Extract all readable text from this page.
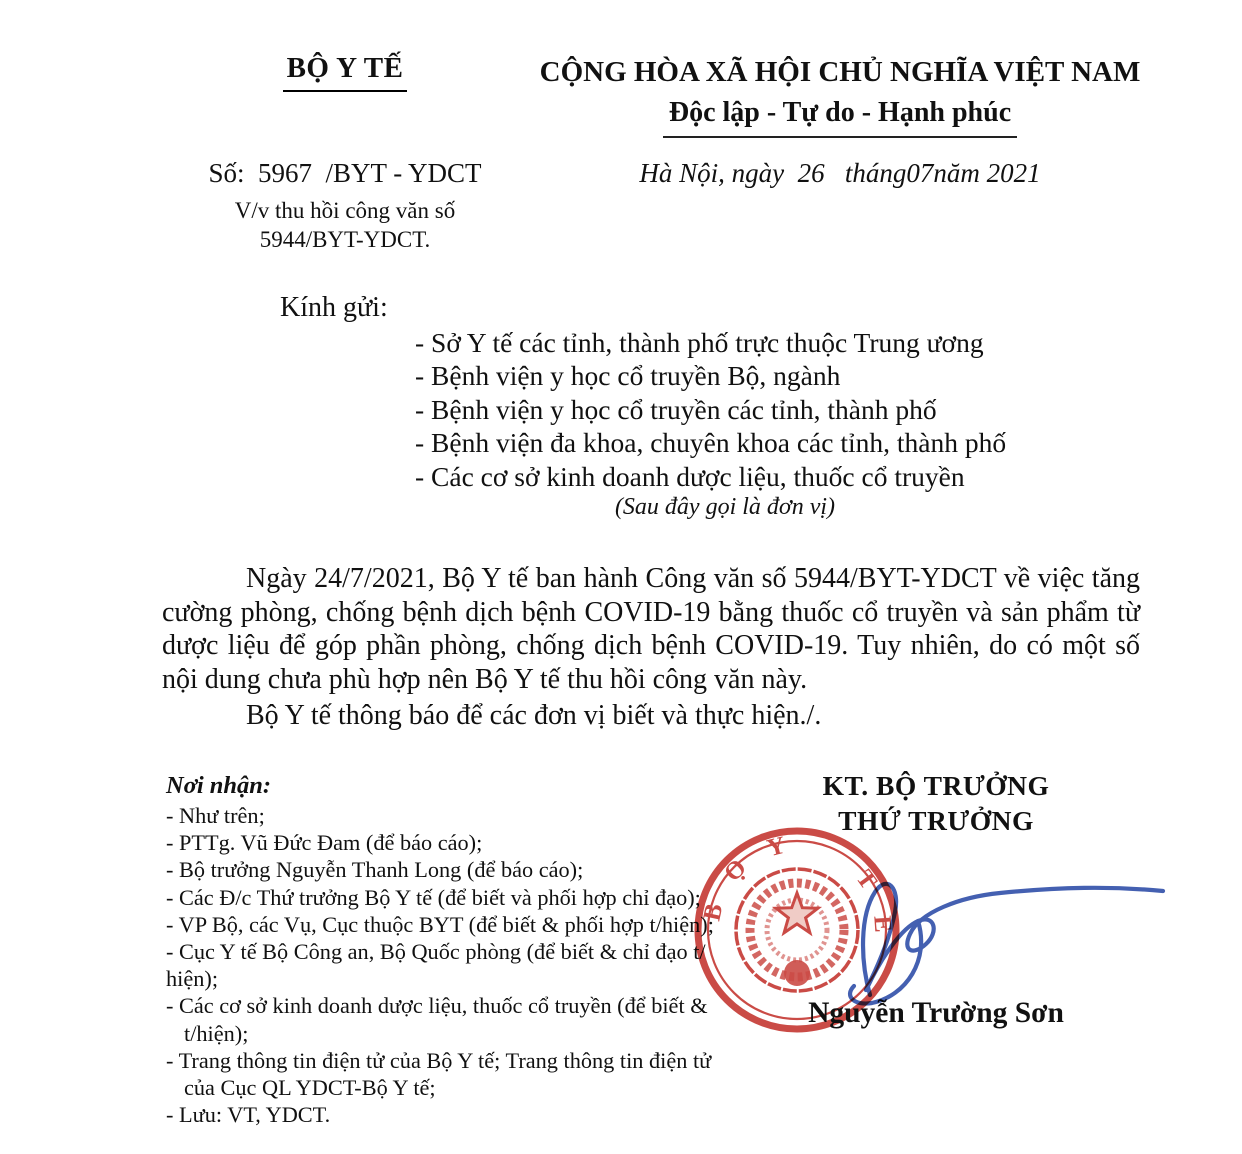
BỘ Y TẾ
Số:  5967  /BYT - YDCT
V/v thu hồi công văn số
5944/BYT-YDCT.
CỘNG HÒA XÃ HỘI CHỦ NGHĨA VIỆT NAM
Độc lập - Tự do - Hạnh phúc
Hà Nội, ngày  26   tháng07năm 2021
Kính gửi:
- Sở Y tế các tỉnh, thành phố trực thuộc Trung ương
- Bệnh viện y học cổ truyền Bộ, ngành
- Bệnh viện y học cổ truyền các tỉnh, thành phố
- Bệnh viện đa khoa, chuyên khoa các tỉnh, thành phố
- Các cơ sở kinh doanh dược liệu, thuốc cổ truyền
(Sau đây gọi là đơn vị)
Ngày 24/7/2021, Bộ Y tế ban hành Công văn số 5944/BYT-YDCT về việc tăng cường phòng, chống bệnh dịch bệnh COVID-19 bằng thuốc cổ truyền và sản phẩm từ dược liệu để góp phần phòng, chống dịch bệnh COVID-19. Tuy nhiên, do có một số nội dung chưa phù hợp nên Bộ Y tế thu hồi công văn này.
Bộ Y tế thông báo để các đơn vị biết và thực hiện./.
Nơi nhận:
- Như trên;
- PTTg. Vũ Đức Đam (để báo cáo);
- Bộ trưởng Nguyễn Thanh Long (để báo cáo);
- Các Đ/c Thứ trưởng Bộ Y tế (để biết và phối hợp chỉ đạo);
- VP Bộ, các Vụ, Cục thuộc BYT (để biết & phối hợp t/hiện);
- Cục Y tế Bộ Công an, Bộ Quốc phòng (để biết & chỉ đạo t/
hiện);
- Các cơ sở kinh doanh dược liệu, thuốc cổ truyền (để biết &
t/hiện);
- Trang thông tin điện tử của Bộ Y tế; Trang thông tin điện tử
của Cục QL YDCT-Bộ Y tế;
- Lưu: VT, YDCT.
KT. BỘ TRƯỞNG
THỨ TRƯỞNG
B
Ộ
Y
T
Ế
Nguyễn Trường Sơn
